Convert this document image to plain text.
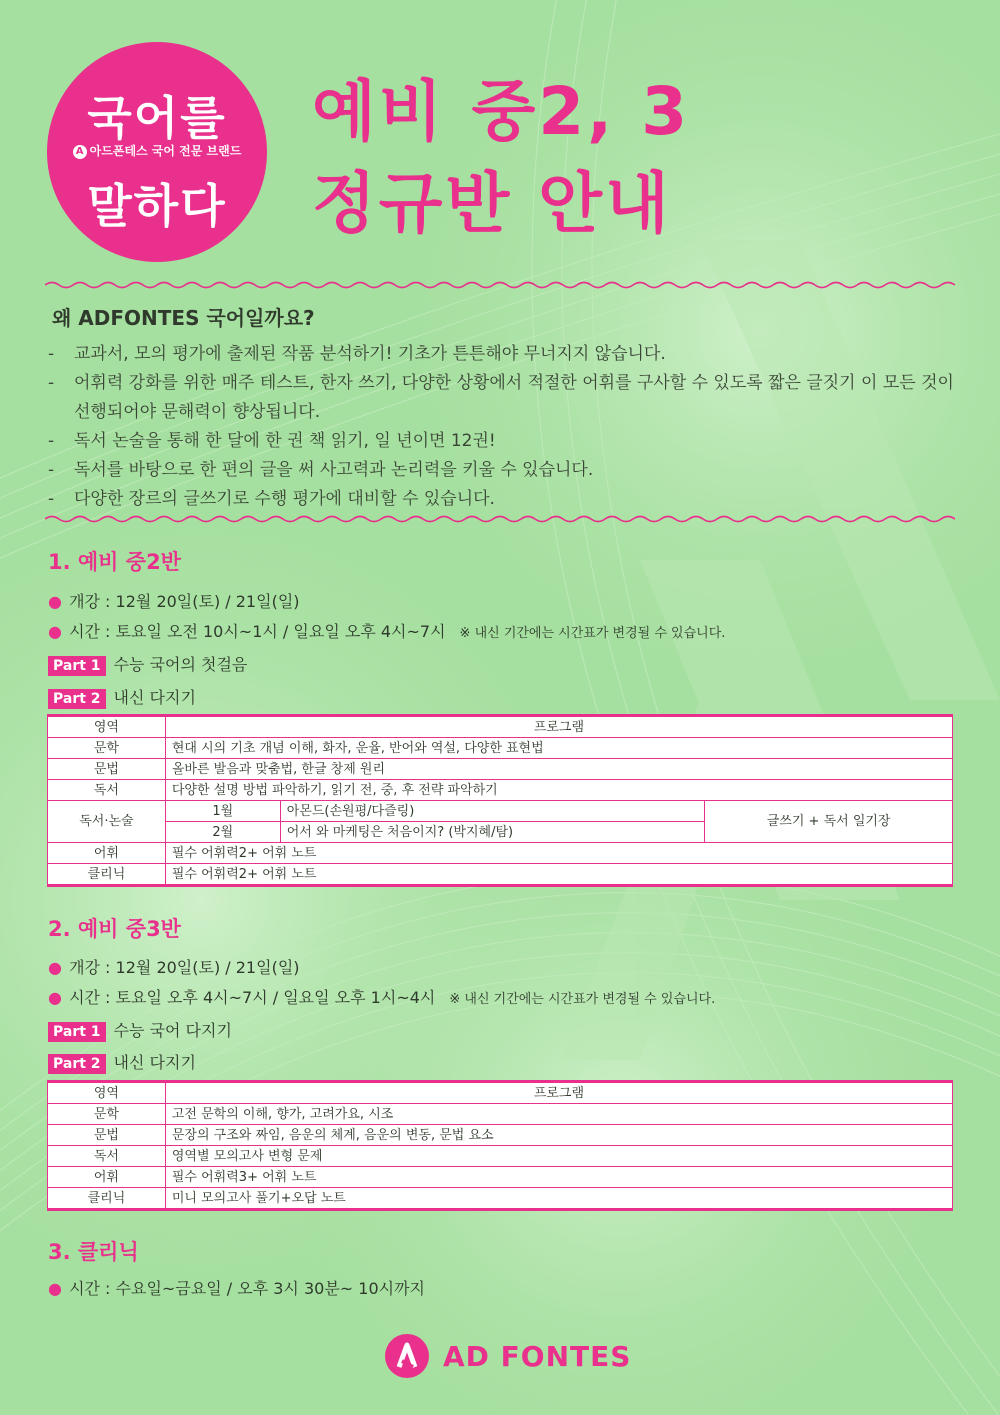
국어를
A 아드폰테스 국어 전문 브랜드
말하다
예비 중2, 3
정규반 안내
왜 ADFONTES 국어일까요?
-	교과서, 모의 평가에 출제된 작품 분석하기! 기초가 튼튼해야 무너지지 않습니다.
-	어휘력 강화를 위한 매주 테스트, 한자 쓰기, 다양한 상황에서 적절한 어휘를 구사할 수 있도록 짧은 글짓기 이 모든 것이 선행되어야 문해력이 향상됩니다.
-	독서 논술을 통해 한 달에 한 권 책 읽기, 일 년이면 12권!
-	독서를 바탕으로 한 편의 글을 써 사고력과 논리력을 키울 수 있습니다.
-	다양한 장르의 글쓰기로 수행 평가에 대비할 수 있습니다.
1. 예비 중2반
● 개강 : 12월 20일(토) / 21일(일)
● 시간 : 토요일 오전 10시~1시 / 일요일 오후 4시~7시 ※ 내신 기간에는 시간표가 변경될 수 있습니다.
Part 1 수능 국어의 첫걸음
Part 2 내신 다지기
영역	프로그램		
문학	현대 시의 기초 개념 이해, 화자, 운율, 반어와 역설, 다양한 표현법		
문법	올바른 발음과 맞춤법, 한글 창제 원리		
독서	다양한 설명 방법 파악하기, 읽기 전, 중, 후 전략 파악하기		
독서·논술	1월	아몬드(손원평/다즐링)	글쓰기 + 독서 일기장
	2월	어서 와 마케팅은 처음이지? (박지혜/탐)	
어휘	필수 어휘력2+ 어휘 노트		
클리닉	필수 어휘력2+ 어휘 노트		
2. 예비 중3반
● 개강 : 12월 20일(토) / 21일(일)
● 시간 : 토요일 오후 4시~7시 / 일요일 오후 1시~4시 ※ 내신 기간에는 시간표가 변경될 수 있습니다.
Part 1 수능 국어 다지기
Part 2 내신 다지기
영역	프로그램
문학	고전 문학의 이해, 향가, 고려가요, 시조
문법	문장의 구조와 짜임, 음운의 체계, 음운의 변동, 문법 요소
독서	영역별 모의고사 변형 문제
어휘	필수 어휘력3+ 어휘 노트
클리닉	미니 모의고사 풀기+오답 노트
3. 클리닉
● 시간 : 수요일~금요일 / 오후 3시 30분~ 10시까지
AD FONTES
